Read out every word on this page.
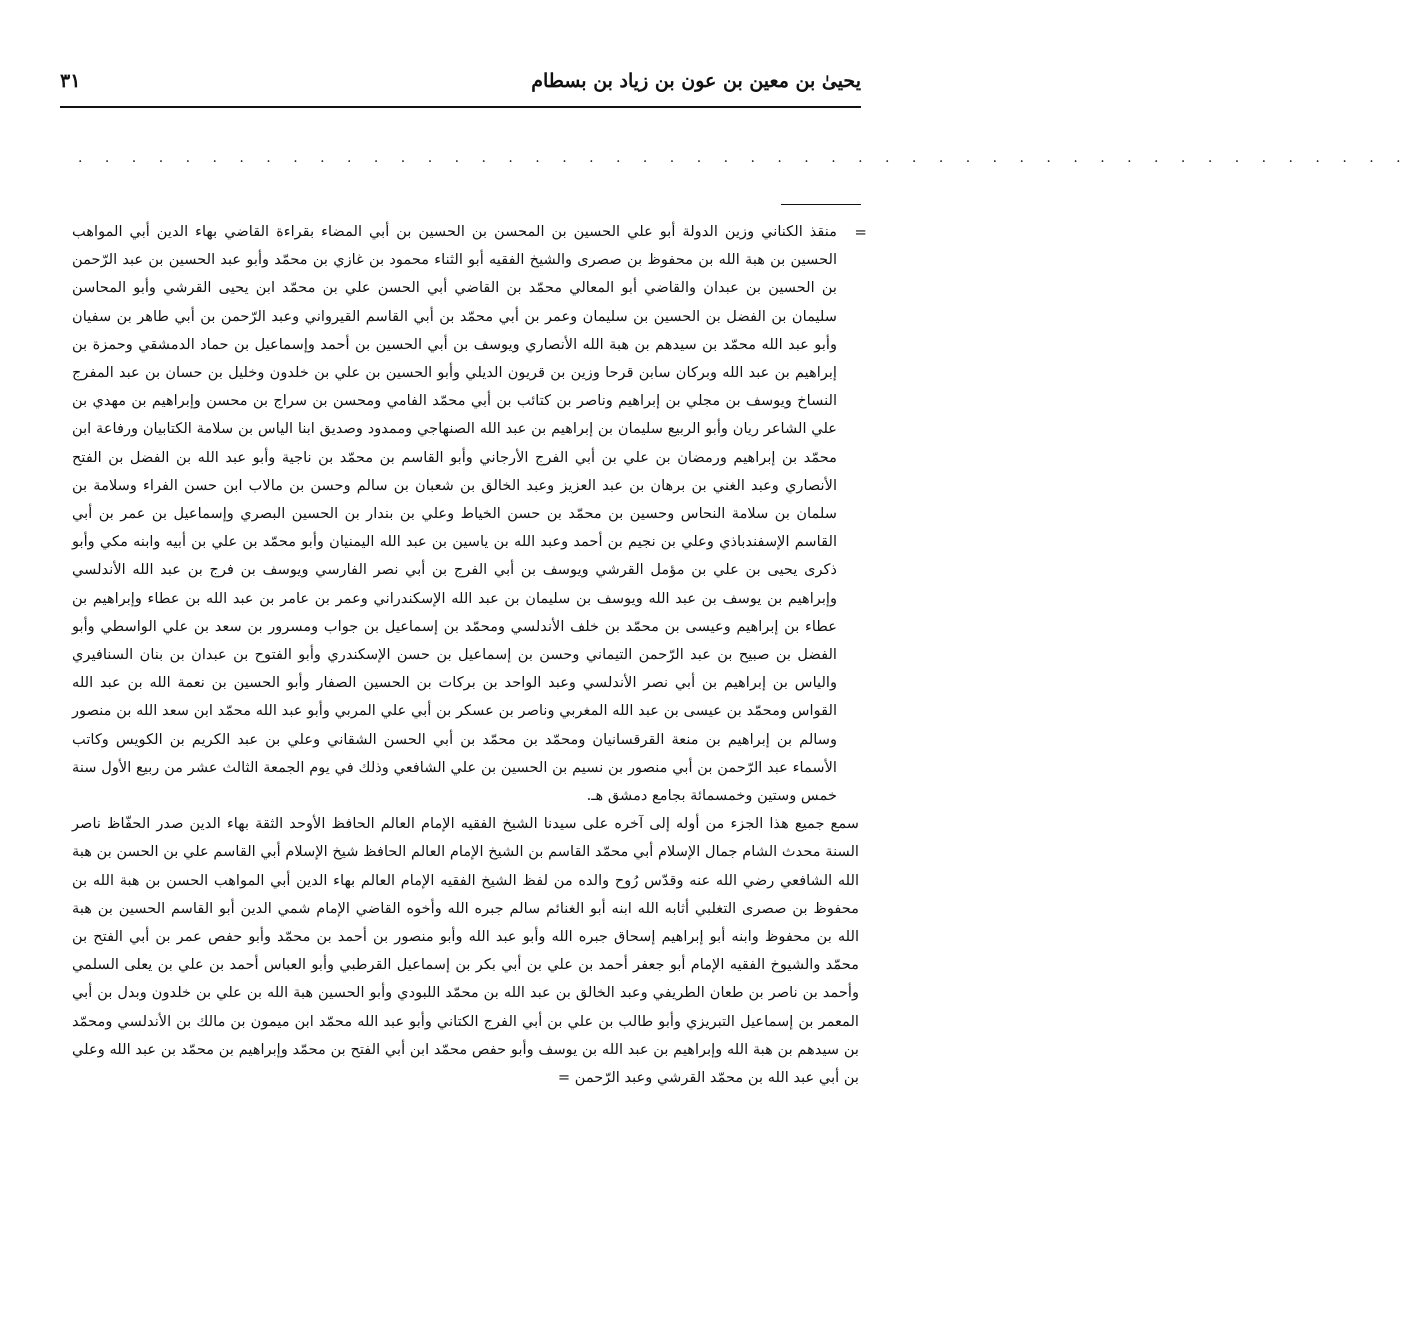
يحيىٰ بن معين بن عون بن زياد بن بسطام
٣١
. . . . . . . . . . . . . . . . . . . . . . . . . . . . . . . . . . . . . . . . . . . . . . . . . .
=
منقذ الكناني وزين الدولة أبو علي الحسين بن المحسن بن الحسين بن أبي المضاء بقراءة القاضي بهاء الدين أبي المواهب الحسين بن هبة الله بن محفوظ بن صصرى والشيخ الفقيه أبو الثناء محمود بن غازي بن محمّد وأبو عبد الحسين بن عبد الرّحمن بن الحسين بن عبدان والقاضي أبو المعالي محمّد بن القاضي أبي الحسن علي بن محمّد ابن يحيى القرشي وأبو المحاسن سليمان بن الفضل بن الحسين بن سليمان وعمر بن أبي محمّد بن أبي القاسم القيرواني وعبد الرّحمن بن أبي طاهر بن سفيان وأبو عبد الله محمّد بن سيدهم بن هبة الله الأنصاري ويوسف بن أبي الحسين بن أحمد وإسماعيل بن حماد الدمشقي وحمزة بن إبراهيم بن عبد الله وبركان سابن قرحا وزين بن قريون الديلي وأبو الحسين بن علي بن خلدون وخليل بن حسان بن عبد المفرج النساخ ويوسف بن مجلي بن إبراهيم وناصر بن كتائب بن أبي محمّد الفامي ومحسن بن سراج بن محسن وإبراهيم بن مهدي بن علي الشاعر ريان وأبو الربيع سليمان بن إبراهيم بن عبد الله الصنهاجي وممدود وصديق ابنا الياس بن سلامة الكتابيان ورفاعة ابن محمّد بن إبراهيم ورمضان بن علي بن أبي الفرج الأرجاني وأبو القاسم بن محمّد بن ناجية وأبو عبد الله بن الفضل بن الفتح الأنصاري وعبد الغني بن برهان بن عبد العزيز وعبد الخالق بن شعبان بن سالم وحسن بن مالاب ابن حسن الفراء وسلامة بن سلمان بن سلامة النحاس وحسين بن محمّد بن حسن الخياط وعلي بن بندار بن الحسين البصري وإسماعيل بن عمر بن أبي القاسم الإسفندباذي وعلي بن نجيم بن أحمد وعبد الله بن ياسين بن عبد الله اليمنيان وأبو محمّد بن علي بن أبيه وابنه مكي وأبو ذكرى يحيى بن علي بن مؤمل القرشي ويوسف بن أبي الفرج بن أبي نصر الفارسي ويوسف بن فرج بن عبد الله الأندلسي وإبراهيم بن يوسف بن عبد الله ويوسف بن سليمان بن عبد الله الإسكندراني وعمر بن عامر بن عبد الله بن عطاء وإبراهيم بن عطاء بن إبراهيم وعيسى بن محمّد بن خلف الأندلسي ومحمّد بن إسماعيل بن جواب ومسرور بن سعد بن علي الواسطي وأبو الفضل بن صبيح بن عبد الرّحمن التيماني وحسن بن إسماعيل بن حسن الإسكندري وأبو الفتوح بن عبدان بن بنان السنافيري والياس بن إبراهيم بن أبي نصر الأندلسي وعبد الواحد بن بركات بن الحسين الصفار وأبو الحسين بن نعمة الله بن عبد الله القواس ومحمّد بن عيسى بن عبد الله المغربي وناصر بن عسكر بن أبي علي المربي وأبو عبد الله محمّد ابن سعد الله بن منصور وسالم بن إبراهيم بن منعة القرقسانيان ومحمّد بن محمّد بن أبي الحسن الشقاني وعلي بن عبد الكريم بن الكويس وكاتب الأسماء عبد الرّحمن بن أبي منصور بن نسيم بن الحسين بن علي الشافعي وذلك في يوم الجمعة الثالث عشر من ربيع الأول سنة خمس وستين وخمسمائة بجامع دمشق هـ.

سمع جميع هذا الجزء من أوله إلى آخره على سيدنا الشيخ الفقيه الإمام العالم الحافظ الأوحد الثقة بهاء الدين صدر الحفّاظ ناصر السنة محدث الشام جمال الإسلام أبي محمّد القاسم بن الشيخ الإمام العالم الحافظ شيخ الإسلام أبي القاسم علي بن الحسن بن هبة الله الشافعي رضي الله عنه وقدّس رُوح والده من لفظ الشيخ الفقيه الإمام العالم بهاء الدين أبي المواهب الحسن بن هبة الله بن محفوظ بن صصرى التغلبي أثابه الله ابنه أبو الغنائم سالم جبره الله وأخوه القاضي الإمام شمي الدين أبو القاسم الحسين بن هبة الله بن محفوظ وابنه أبو إبراهيم إسحاق جبره الله وأبو عبد الله وأبو منصور بن أحمد بن محمّد وأبو حفص عمر بن أبي الفتح بن محمّد والشيوخ الفقيه الإمام أبو جعفر أحمد بن علي بن أبي بكر بن إسماعيل القرطبي وأبو العباس أحمد بن علي بن يعلى السلمي وأحمد بن ناصر بن طعان الطريفي وعبد الخالق بن عبد الله بن محمّد اللبودي وأبو الحسين هبة الله بن علي بن خلدون وبدل بن أبي المعمر بن إسماعيل التبريزي وأبو طالب بن علي بن أبي الفرج الكتاني وأبو عبد الله محمّد ابن ميمون بن مالك بن الأندلسي ومحمّد بن سيدهم بن هبة الله وإبراهيم بن عبد الله بن يوسف وأبو حفص محمّد ابن أبي الفتح بن محمّد وإبراهيم بن محمّد بن عبد الله وعلي بن أبي عبد الله بن محمّد القرشي وعبد الرّحمن =
